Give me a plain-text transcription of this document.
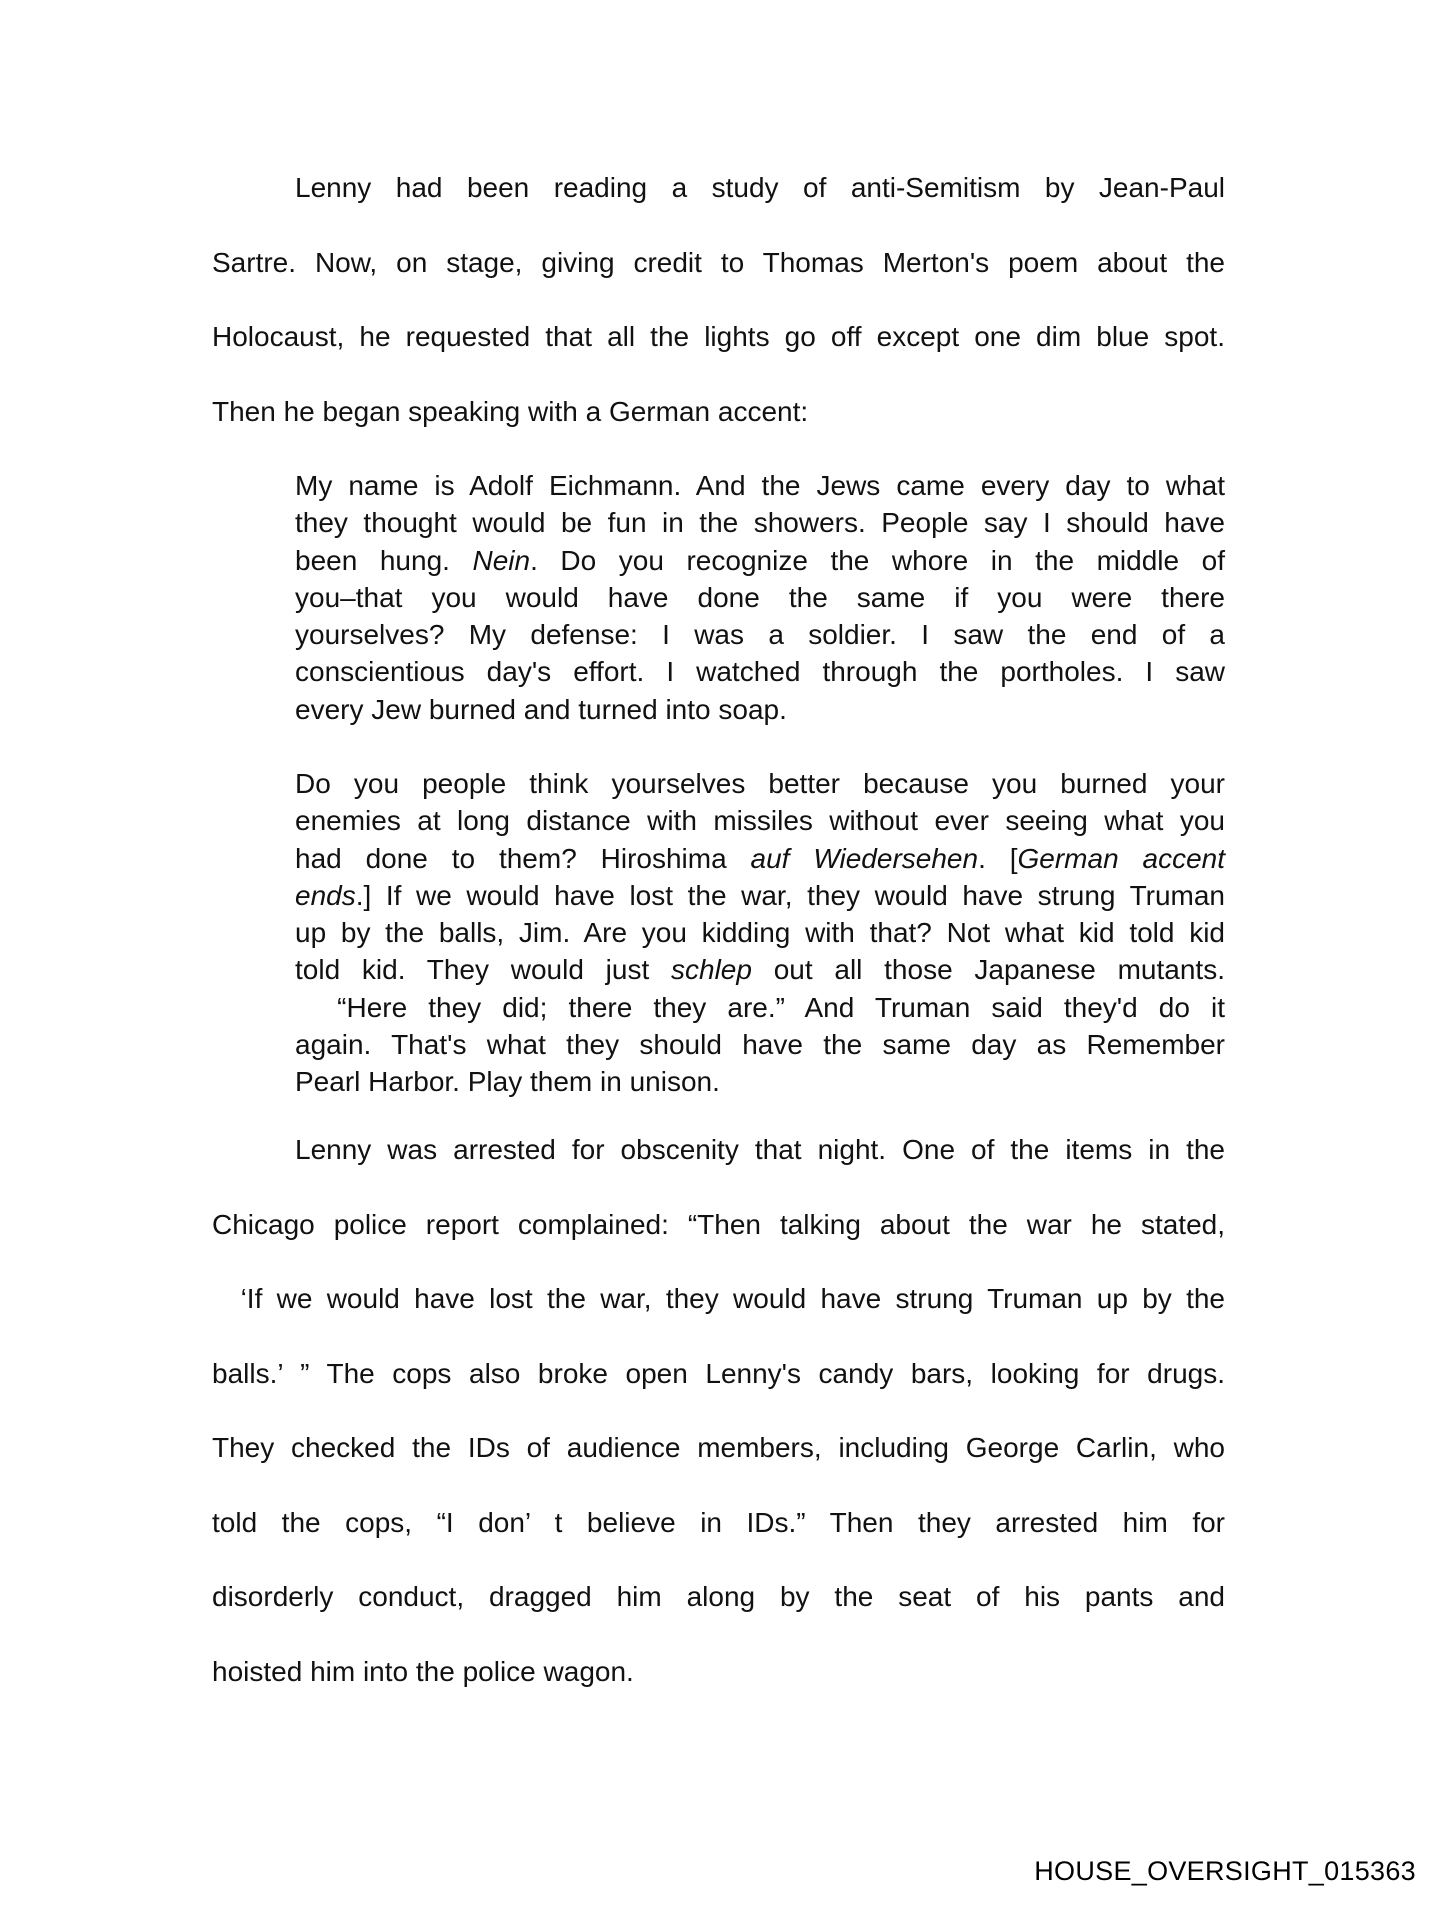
Lenny had been reading a study of anti-Semitism by Jean-Paul
Sartre. Now, on stage, giving credit to Thomas Merton's poem about the
Holocaust, he requested that all the lights go off except one dim blue spot.
Then he began speaking with a German accent:
My name is Adolf Eichmann. And the Jews came every day to what
they thought would be fun in the showers. People say I should have
been hung. Nein. Do you recognize the whore in the middle of
you–that you would have done the same if you were there
yourselves? My defense: I was a soldier. I saw the end of a
conscientious day's effort. I watched through the portholes. I saw
every Jew burned and turned into soap.
Do you people think yourselves better because you burned your
enemies at long distance with missiles without ever seeing what you
had done to them? Hiroshima auf Wiedersehen. [German accent
ends.] If we would have lost the war, they would have strung Truman
up by the balls, Jim. Are you kidding with that? Not what kid told kid
told kid. They would just schlep out all those Japanese mutants.
“Here they did; there they are.” And Truman said they'd do it
again. That's what they should have the same day as Remember
Pearl Harbor. Play them in unison.
Lenny was arrested for obscenity that night. One of the items in the
Chicago police report complained: “Then talking about the war he stated,
‘If we would have lost the war, they would have strung Truman up by the
balls.’ ” The cops also broke open Lenny's candy bars, looking for drugs.
They checked the IDs of audience members, including George Carlin, who
told the cops, “I don’ t believe in IDs.” Then they arrested him for
disorderly conduct, dragged him along by the seat of his pants and
hoisted him into the police wagon.
HOUSE_OVERSIGHT_015363
